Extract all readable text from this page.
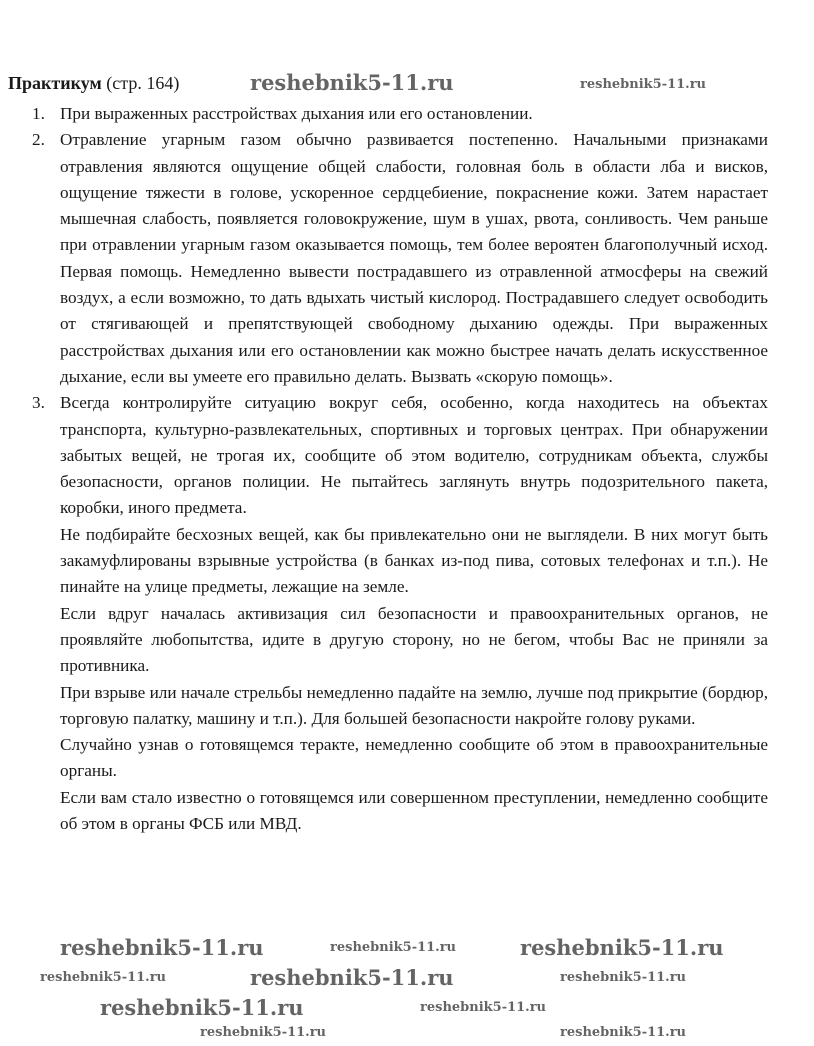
Практикум (стр. 164)
1. При выраженных расстройствах дыхания или его остановлении.

2. Отравление угарным газом обычно развивается постепенно. Начальными признаками отравления являются ощущение общей слабости, головная боль в области лба и висков, ощущение тяжести в голове, ускоренное сердцебиение, покраснение кожи. Затем нарастает мышечная слабость, появляется головокружение, шум в ушах, рвота, сонливость. Чем раньше при отравлении угарным газом оказывается помощь, тем более вероятен благополучный исход. Первая помощь. Немедленно вывести пострадавшего из отравленной атмосферы на свежий воздух, а если возможно, то дать вдыхать чистый кислород. Пострадавшего следует освободить от стягивающей и препятствующей свободному дыханию одежды. При выраженных расстройствах дыхания или его остановлении как можно быстрее начать делать искусственное дыхание, если вы умеете его правильно делать. Вызвать «скорую помощь».

3. Всегда контролируйте ситуацию вокруг себя, особенно, когда находитесь на объектах транспорта, культурно-развлекательных, спортивных и торговых центрах. При обнаружении забытых вещей, не трогая их, сообщите об этом водителю, сотрудникам объекта, службы безопасности, органов полиции. Не пытайтесь заглянуть внутрь подозрительного пакета, коробки, иного предмета.

Не подбирайте бесхозных вещей, как бы привлекательно они не выглядели. В них могут быть закамуфлированы взрывные устройства (в банках из-под пива, сотовых телефонах и т.п.). Не пинайте на улице предметы, лежащие на земле.

Если вдруг началась активизация сил безопасности и правоохранительных органов, не проявляйте любопытства, идите в другую сторону, но не бегом, чтобы Вас не приняли за противника.

При взрыве или начале стрельбы немедленно падайте на землю, лучше под прикрытие (бордюр, торговую палатку, машину и т.п.). Для большей безопасности накройте голову руками.

Случайно узнав о готовящемся теракте, немедленно сообщите об этом в правоохранительные органы.

Если вам стало известно о готовящемся или совершенном преступлении, немедленно сообщите об этом в органы ФСБ или МВД.

reshebnik5-11.ru	reshebnik5-11.ru
reshebnik5-11.ru	reshebnik5-11.ru	reshebnik5-11.ru
reshebnik5-11.ru	reshebnik5-11.ru	reshebnik5-11.ru
reshebnik5-11.ru	reshebnik5-11.ru
reshebnik5-11.ru	reshebnik5-11.ru
